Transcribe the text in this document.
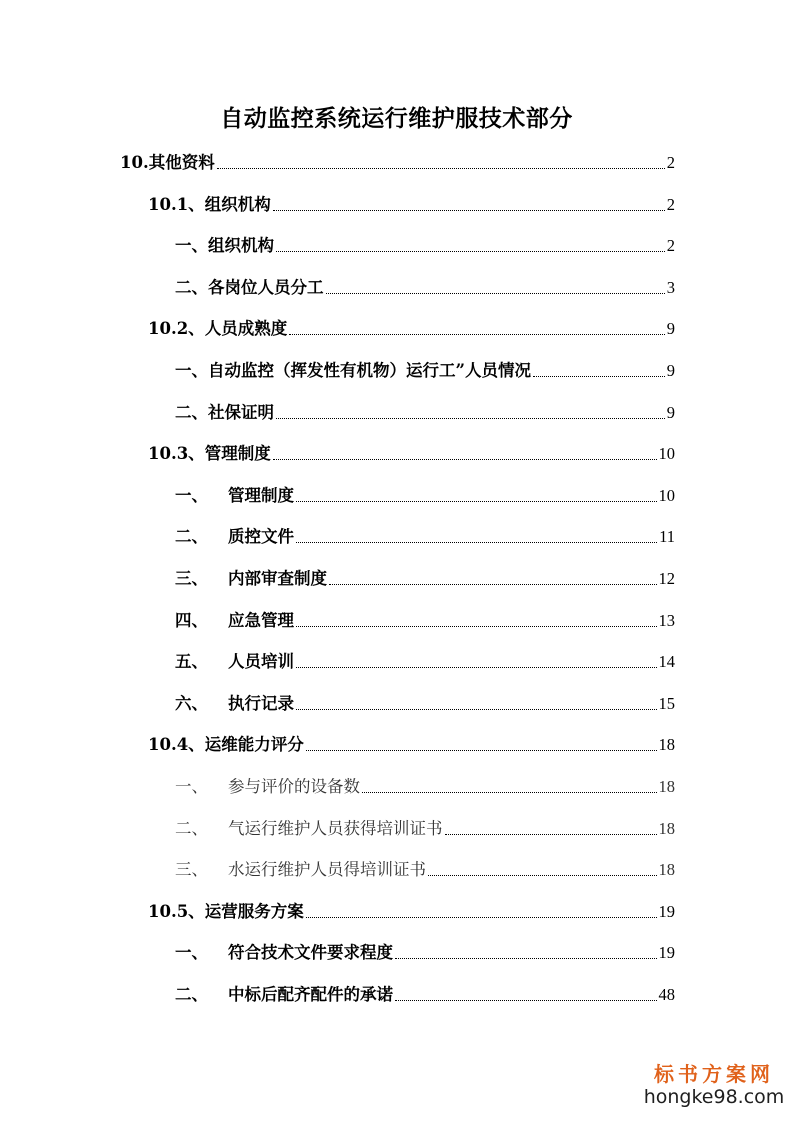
自动监控系统运行维护服技术部分
10. 其他资料	2
10.1、 组织机构	2
一、 组织机构	2
二、 各岗位人员分工	3
10.2、 人员成熟度	9
一、 自动监控（挥发性有机物）运行工”人员情况	9
二、 社保证明	9
10.3、 管理制度	10
一、 管理制度	10
二、 质控文件	11
三、 内部审查制度	12
四、 应急管理	13
五、 人员培训	14
六、 执行记录	15
10.4、 运维能力评分	18
一、 参与评价的设备数	18
二、 气运行维护人员获得培训证书	18
三、 水运行维护人员得培训证书	18
10.5、 运营服务方案	19
一、 符合技术文件要求程度	19
二、 中标后配齐配件的承诺	48
标书方案网
hongke98.com
